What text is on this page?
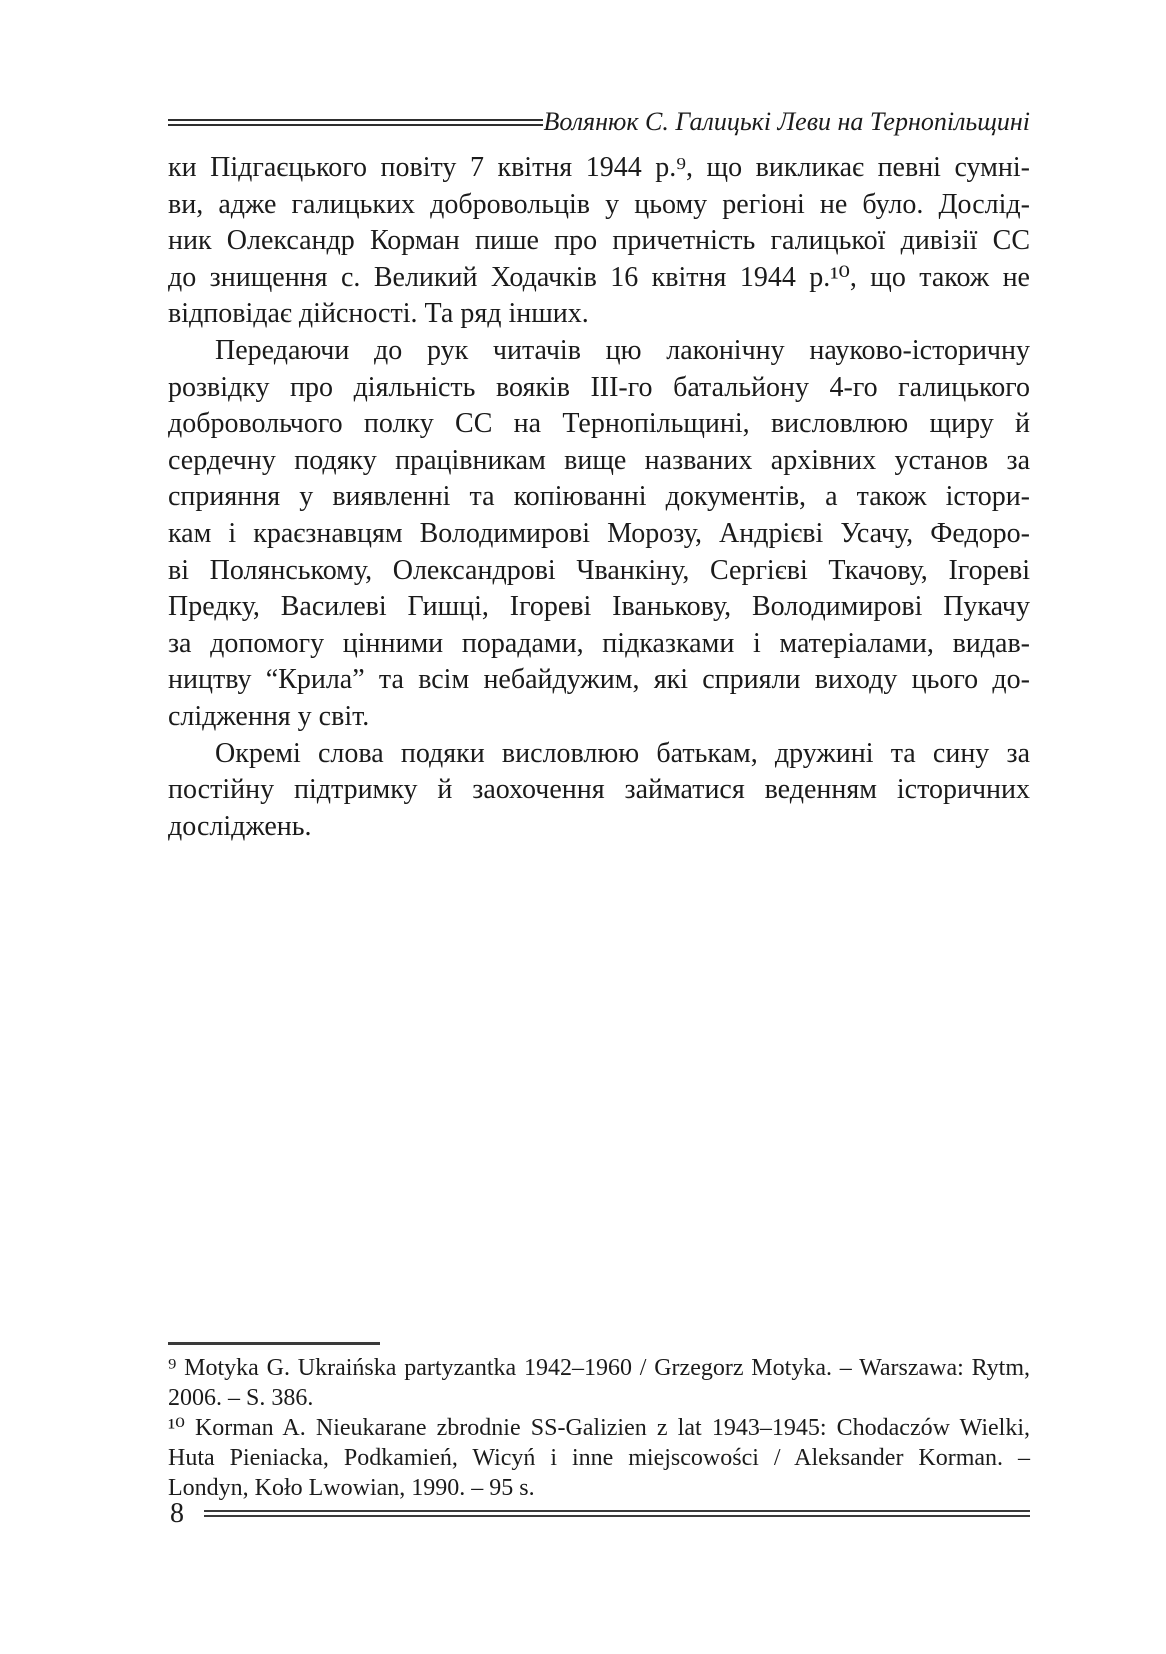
Волянюк С. Галицькі Леви на Тернопільщині
ки Підгаєцького повіту 7 квітня 1944 р.⁹, що викликає певні сумні-
ви, адже галицьких добровольців у цьому регіоні не було. Дослід-
ник Олександр Корман пише про причетність галицької дивізії СС
до знищення с. Великий Ходачків 16 квітня 1944 р.¹⁰, що також не
відповідає дійсності. Та ряд інших.
Передаючи до рук читачів цю лаконічну науково-історичну
розвідку про діяльність вояків ІІІ-го батальйону 4-го галицького
добровольчого полку СС на Тернопільщині, висловлюю щиру й
сердечну подяку працівникам вище названих архівних установ за
сприяння у виявленні та копіюванні документів, а також істори-
кам і краєзнавцям Володимирові Морозу, Андрієві Усачу, Федоро-
ві Полянському, Олександрові Чванкіну, Сергієві Ткачову, Ігореві
Предку, Василеві Гишці, Ігореві Іванькову, Володимирові Пукачу
за допомогу цінними порадами, підказками і матеріалами, видав-
ництву “Крила” та всім небайдужим, які сприяли виходу цього до-
слідження у світ.
Окремі слова подяки висловлюю батькам, дружині та сину за
постійну підтримку й заохочення займатися веденням історичних
досліджень.
⁹ Motyka G. Ukraińska partyzantka 1942–1960 / Grzegorz Motyka. – Warszawa: Rytm,
2006. – S. 386.
¹⁰ Korman A. Nieukarane zbrodnie SS-Galizien z lat 1943–1945: Chodaczów Wielki,
Huta Pieniacka, Podkamień, Wicyń i inne miejscowości / Aleksander Korman. –
Londyn, Koło Lwowian, 1990. – 95 s.
8
